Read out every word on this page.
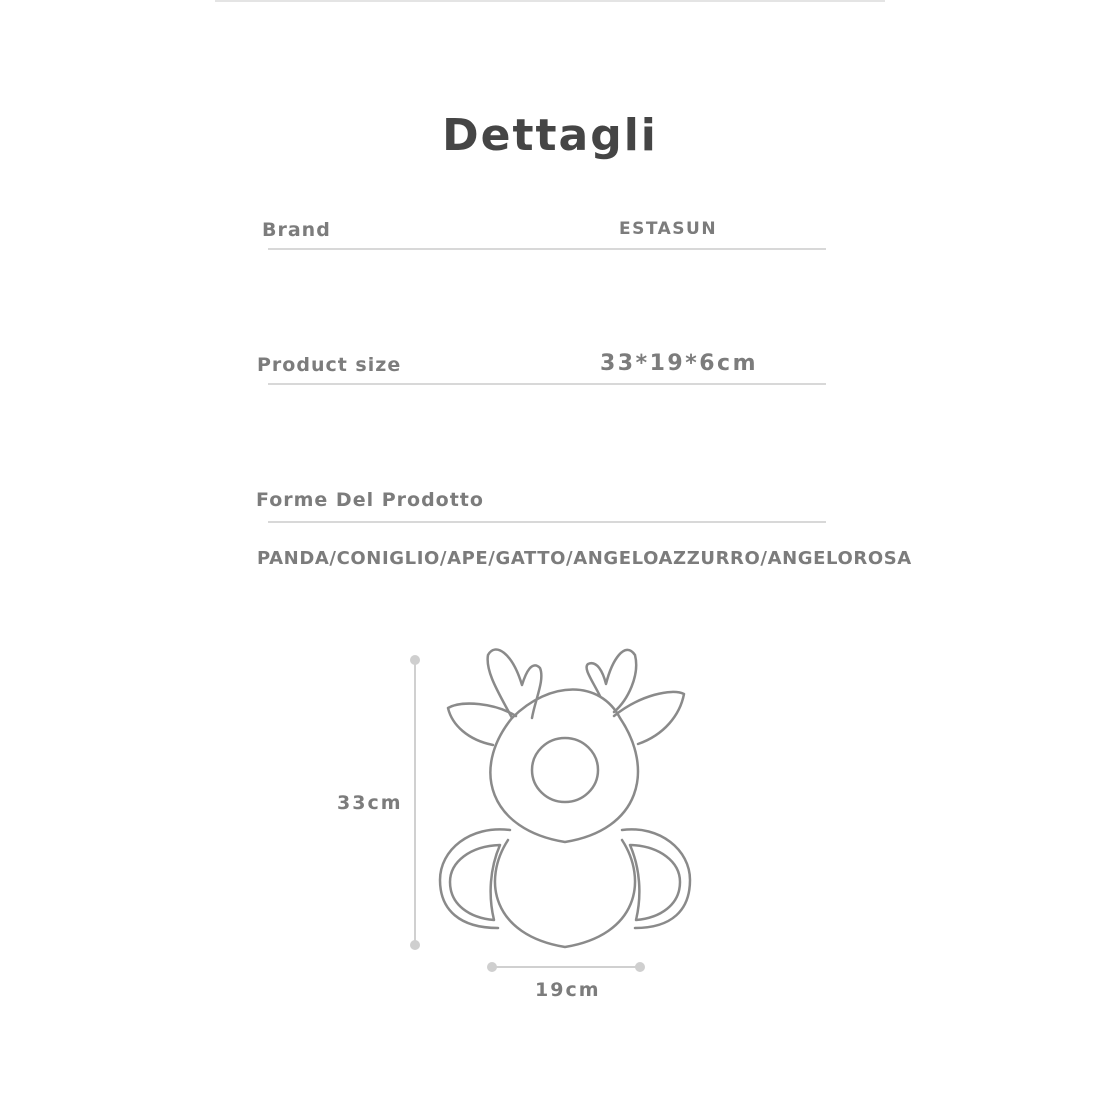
Dettagli
Brand	ESTASUN
Product size	33*19*6cm
Forme Del Prodotto
PANDA/CONIGLIO/APE/GATTO/ANGELOAZZURRO/ANGELOROSA
33cm
19cm
